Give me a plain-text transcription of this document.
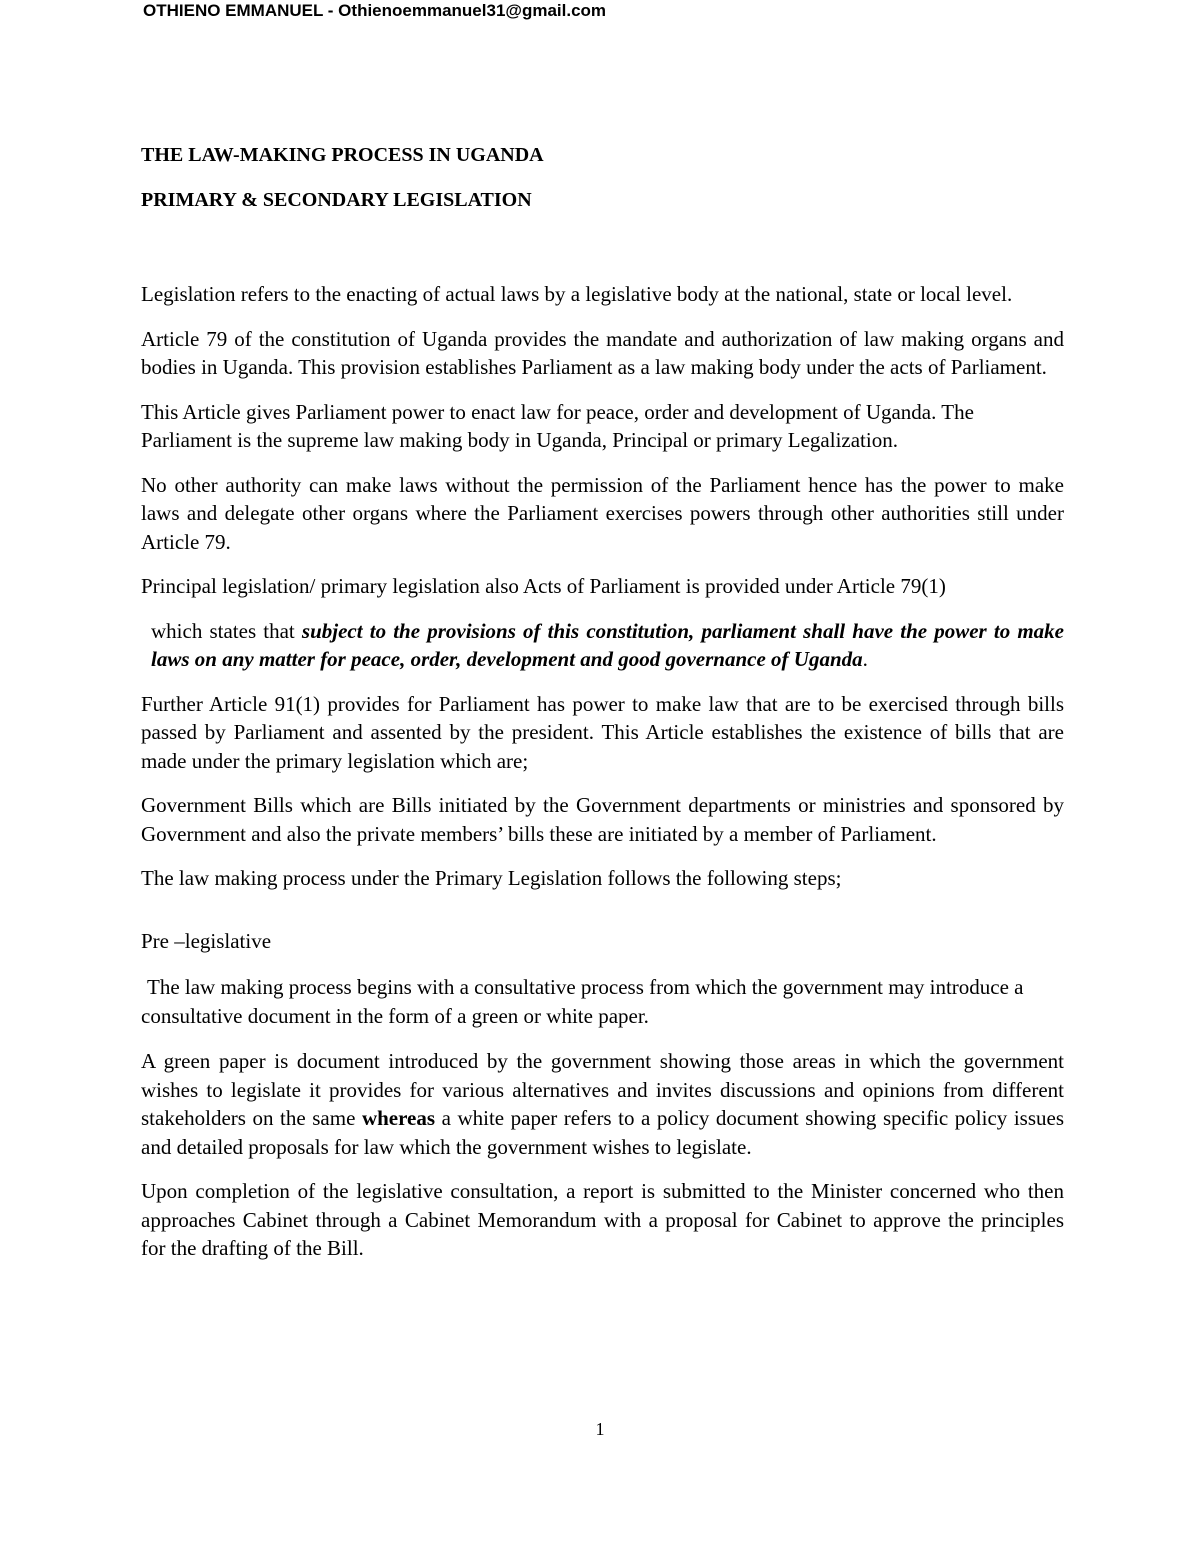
OTHIENO EMMANUEL - Othienoemmanuel31@gmail.com
THE LAW-MAKING PROCESS IN UGANDA
PRIMARY & SECONDARY LEGISLATION
Legislation refers to the enacting of actual laws by a legislative body at the national, state or local level.
Article 79 of the constitution of Uganda provides the mandate and authorization of law making organs and bodies in Uganda. This provision establishes Parliament as a law making body under the acts of Parliament.
This Article gives Parliament power to enact law for peace, order and development of Uganda. The Parliament is the supreme law making body in Uganda, Principal or primary Legalization.
No other authority can make laws without the permission of the Parliament hence has the power to make laws and delegate other organs where the Parliament exercises powers through other authorities still under Article 79.
Principal legislation/ primary legislation also Acts of Parliament is provided under Article 79(1)
which states that subject to the provisions of this constitution, parliament shall have the power to make laws on any matter for peace, order, development and good governance of Uganda.
Further Article 91(1) provides for Parliament has power to make law that are to be exercised through bills passed by Parliament and assented by the president. This Article establishes the existence of bills that are made under the primary legislation which are;
Government Bills which are Bills initiated by the Government departments or ministries and sponsored by Government and also the private members’ bills these are initiated by a member of Parliament.
The law making process under the Primary Legislation follows the following steps;
Pre –legislative
The law making process begins with a consultative process from which the government may introduce a consultative document in the form of a green or white paper.
A green paper is document introduced by the government showing those areas in which the government wishes to legislate it provides for various alternatives and invites discussions and opinions from different stakeholders on the same whereas a white paper refers to a policy document showing specific policy issues and detailed proposals for law which the government wishes to legislate.
Upon completion of the legislative consultation, a report is submitted to the Minister concerned who then approaches Cabinet through a Cabinet Memorandum with a proposal for Cabinet to approve the principles for the drafting of the Bill.
1
